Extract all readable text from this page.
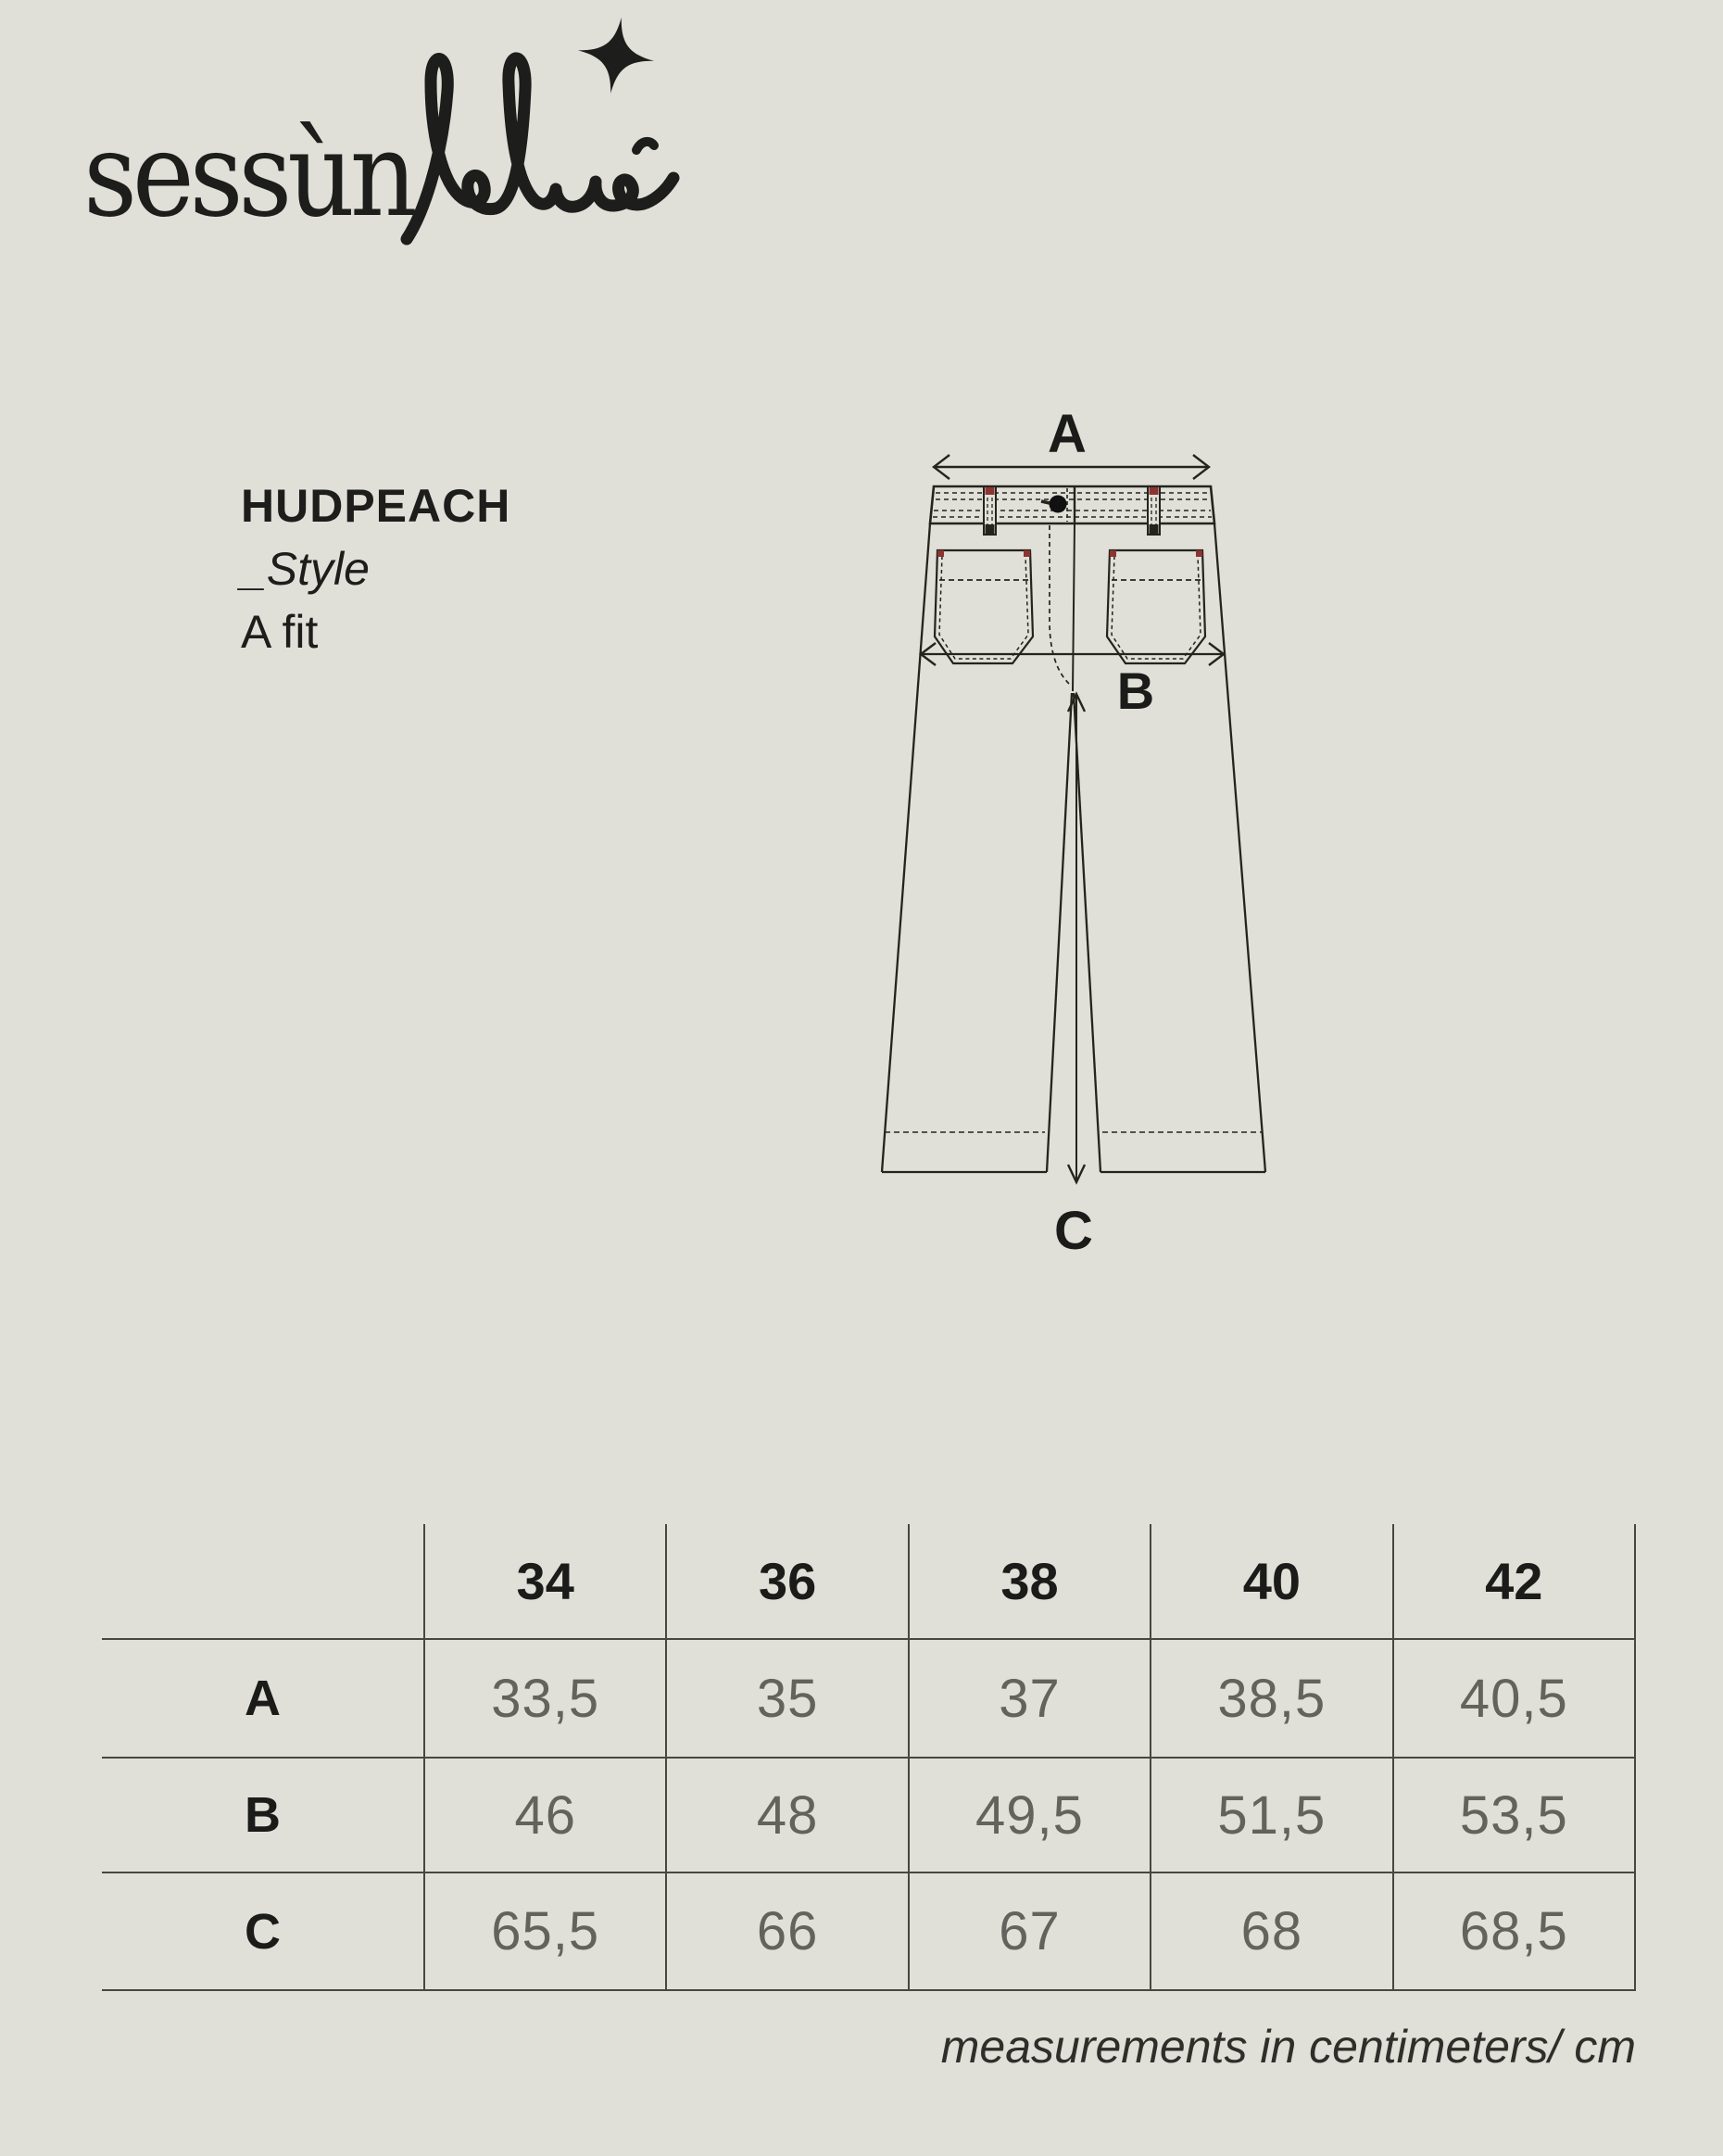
sessùn
HUDPEACH
_Style
A fit
A
B
C
	34	36	38	40	42
A	33,5	35	37	38,5	40,5
B	46	48	49,5	51,5	53,5
C	65,5	66	67	68	68,5
measurements in centimeters/ cm
